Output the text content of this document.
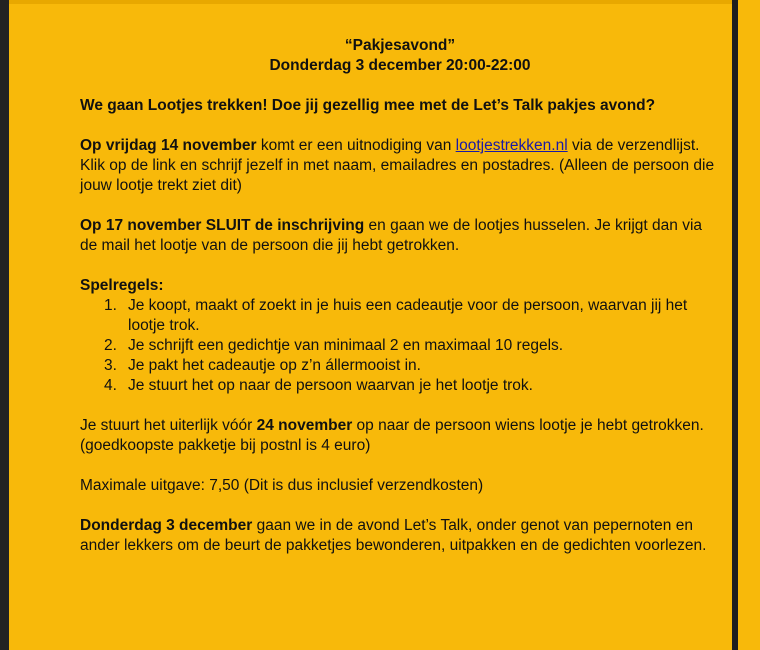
“Pakjesavond”

Donderdag 3 december 20:00-22:00

We gaan Lootjes trekken! Doe jij gezellig mee met de Let’s Talk pakjes avond?

Op vrijdag 14 november komt er een uitnodiging van lootjestrekken.nl via de verzendlijst. Klik op de link en schrijf jezelf in met naam, emailadres en postadres. (Alleen de persoon die jouw lootje trekt ziet dit)

Op 17 november SLUIT de inschrijving en gaan we de lootjes husselen. Je krijgt dan via de mail het lootje van de persoon die jij hebt getrokken.

Spelregels:

1. Je koopt, maakt of zoekt in je huis een cadeautje voor de persoon, waarvan jij het lootje trok.
2. Je schrijft een gedichtje van minimaal 2 en maximaal 10 regels.
3. Je pakt het cadeautje op z’n állermooist in.
4. Je stuurt het op naar de persoon waarvan je het lootje trok.

Je stuurt het uiterlijk vóór 24 november op naar de persoon wiens lootje je hebt getrokken. (goedkoopste pakketje bij postnl is 4 euro)

Maximale uitgave: 7,50 (Dit is dus inclusief verzendkosten)

Donderdag 3 december gaan we in de avond Let’s Talk, onder genot van pepernoten en ander lekkers om de beurt de pakketjes bewonderen, uitpakken en de gedichten voorlezen.
